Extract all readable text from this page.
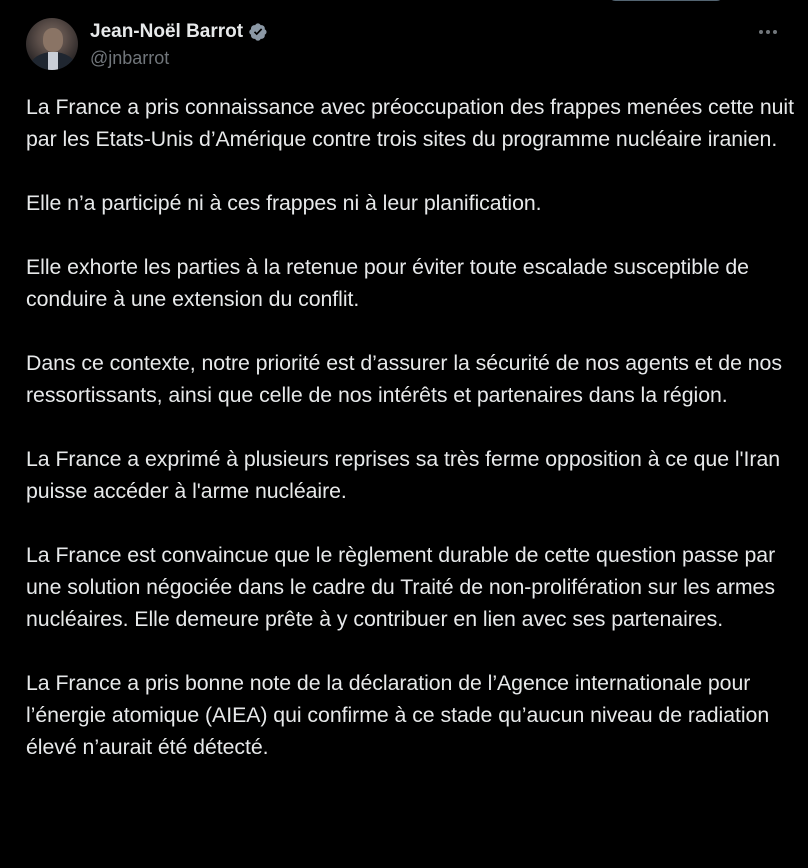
Jean-Noël Barrot
@jnbarrot

La France a pris connaissance avec préoccupation des frappes menées cette nuit par les Etats-Unis d’Amérique contre trois sites du programme nucléaire iranien.

Elle n’a participé ni à ces frappes ni à leur planification.

Elle exhorte les parties à la retenue pour éviter toute escalade susceptible de conduire à une extension du conflit.

Dans ce contexte, notre priorité est d’assurer la sécurité de nos agents et de nos ressortissants, ainsi que celle de nos intérêts et partenaires dans la région.

La France a exprimé à plusieurs reprises sa très ferme opposition à ce que l'Iran puisse accéder à l'arme nucléaire.

La France est convaincue que le règlement durable de cette question passe par une solution négociée dans le cadre du Traité de non-prolifération sur les armes nucléaires. Elle demeure prête à y contribuer en lien avec ses partenaires.

La France a pris bonne note de la déclaration de l’Agence internationale pour l’énergie atomique (AIEA) qui confirme à ce stade qu’aucun niveau de radiation élevé n’aurait été détecté.
